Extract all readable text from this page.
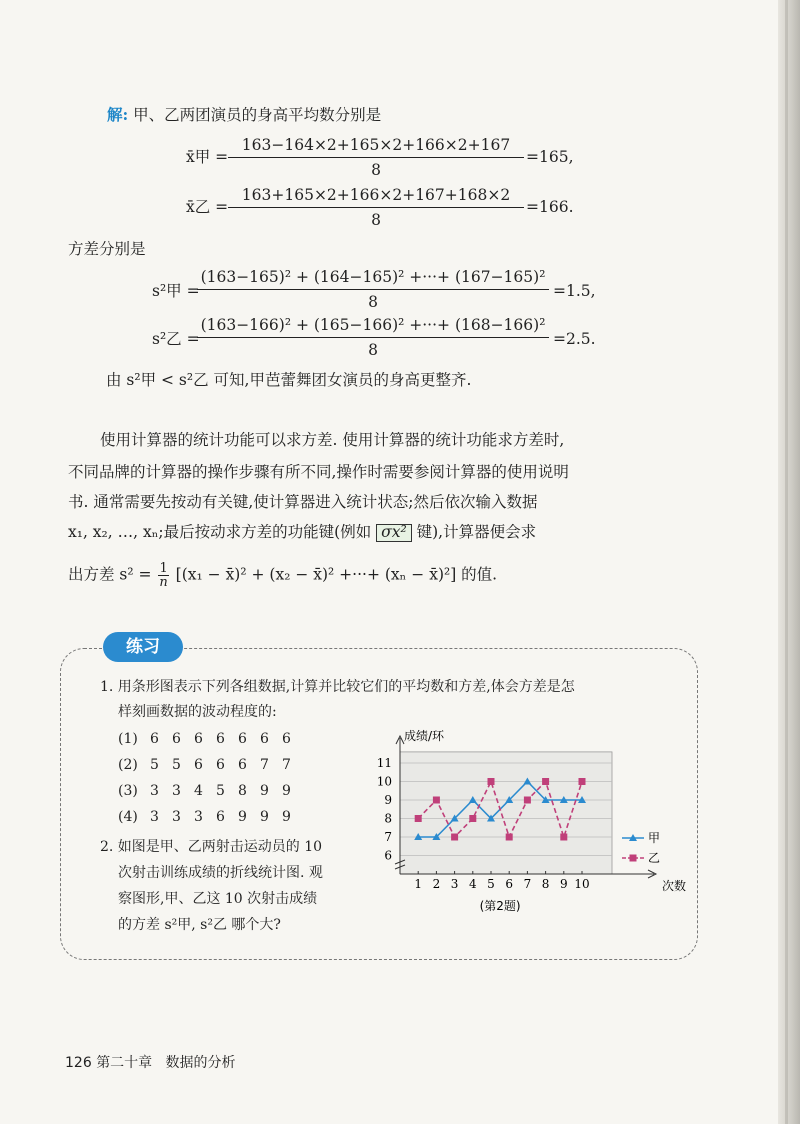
解: 甲、乙两团演员的身高平均数分别是
x̄甲 =
163−164×2+165×2+166×2+167
8
=165,
x̄乙 =
163+165×2+166×2+167+168×2
8
=166.
方差分别是
s²甲 =
(163−165)² + (164−165)² +···+ (167−165)²
8
=1.5,
s²乙 =
(163−166)² + (165−166)² +···+ (168−166)²
8
=2.5.
由 s²甲 < s²乙 可知,甲芭蕾舞团女演员的身高更整齐.
使用计算器的统计功能可以求方差. 使用计算器的统计功能求方差时,
不同品牌的计算器的操作步骤有所不同,操作时需要参阅计算器的使用说明
书. 通常需要先按动有关键,使计算器进入统计状态;然后依次输入数据
x₁, x₂, …, xₙ;最后按动求方差的功能键(例如 σx² 键),计算器便会求
出方差 $s^2 = \frac{1}{n} [(x_1$ − x̄)² + (x₂ − x̄)² +···+ (xₙ − x̄)²] 的值.
练习
1. 用条形图表示下列各组数据,计算并比较它们的平均数和方差,体会方差是怎
样刻画数据的波动程度的:
(1) 6 6 6 6 6 6 6
(2) 5 5 6 6 6 7 7
(3) 3 3 4 5 8 9 9
(4) 3 3 3 6 9 9 9
2. 如图是甲、乙两射击运动员的 10
次射击训练成绩的折线统计图. 观
察图形,甲、乙这 10 次射击成绩
的方差 s²甲, s²乙 哪个大?
6
7
8
9
10
11
成绩/环
次数
1 2 3 4 5 6 7 8 9 10
甲
乙
(第2题)
126 第二十章 数据的分析
